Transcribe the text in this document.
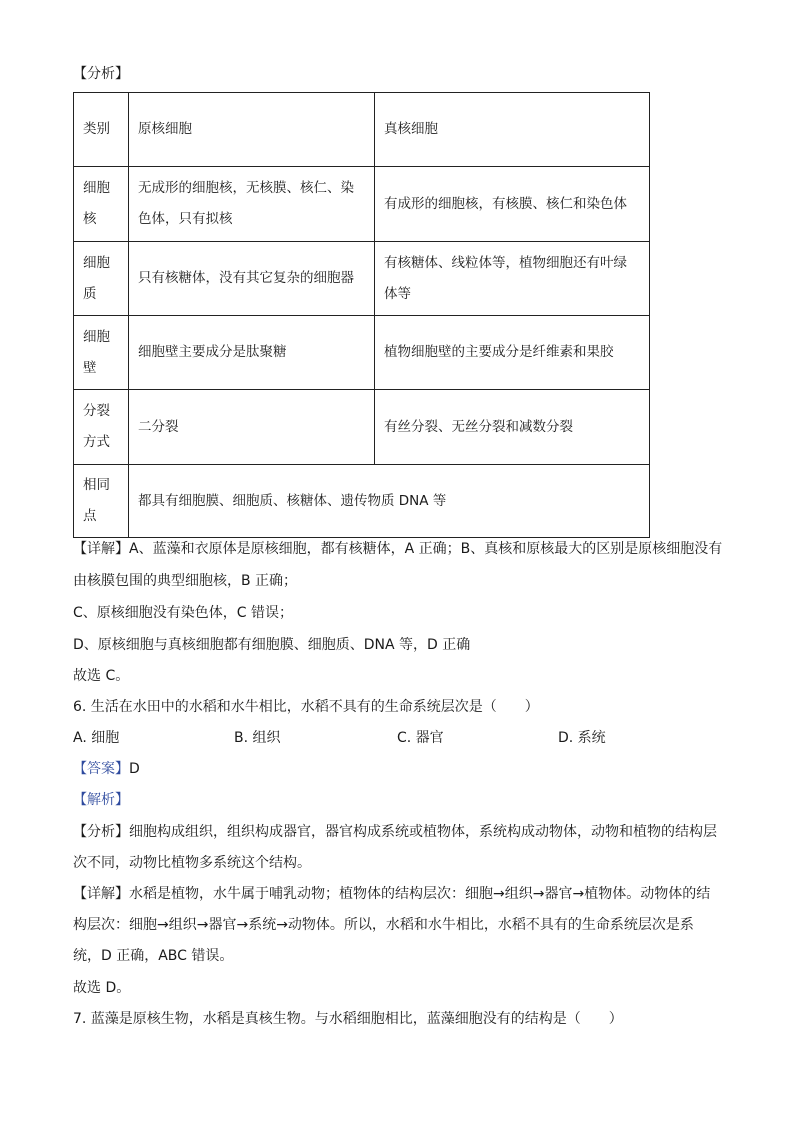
【分析】
类别	原核细胞	真核细胞

细胞核	无成形的细胞核，无核膜、核仁、染色体，只有拟核	有成形的细胞核，有核膜、核仁和染色体

细胞质	只有核糖体，没有其它复杂的细胞器	有核糖体、线粒体等，植物细胞还有叶绿体等

细胞壁	细胞壁主要成分是肽聚糖	植物细胞壁的主要成分是纤维素和果胶

分裂方式	二分裂	有丝分裂、无丝分裂和减数分裂

相同点	都具有细胞膜、细胞质、核糖体、遗传物质 DNA 等	
【详解】A、蓝藻和衣原体是原核细胞，都有核糖体，A 正确；B、真核和原核最大的区别是原核细胞没有
由核膜包围的典型细胞核，B 正确；
C、原核细胞没有染色体，C 错误；
D、原核细胞与真核细胞都有细胞膜、细胞质、DNA 等，D 正确
故选 C。
6. 生活在水田中的水稻和水牛相比，水稻不具有的生命系统层次是（　　）
A. 细胞	B. 组织	C. 器官	D. 系统
【答案】D
【解析】
【分析】细胞构成组织，组织构成器官，器官构成系统或植物体，系统构成动物体，动物和植物的结构层
次不同，动物比植物多系统这个结构。
【详解】水稻是植物，水牛属于哺乳动物；植物体的结构层次：细胞→组织→器官→植物体。动物体的结
构层次：细胞→组织→器官→系统→动物体。所以，水稻和水牛相比，水稻不具有的生命系统层次是系
统，D 正确，ABC 错误。
故选 D。
7. 蓝藻是原核生物，水稻是真核生物。与水稻细胞相比，蓝藻细胞没有的结构是（　　）
